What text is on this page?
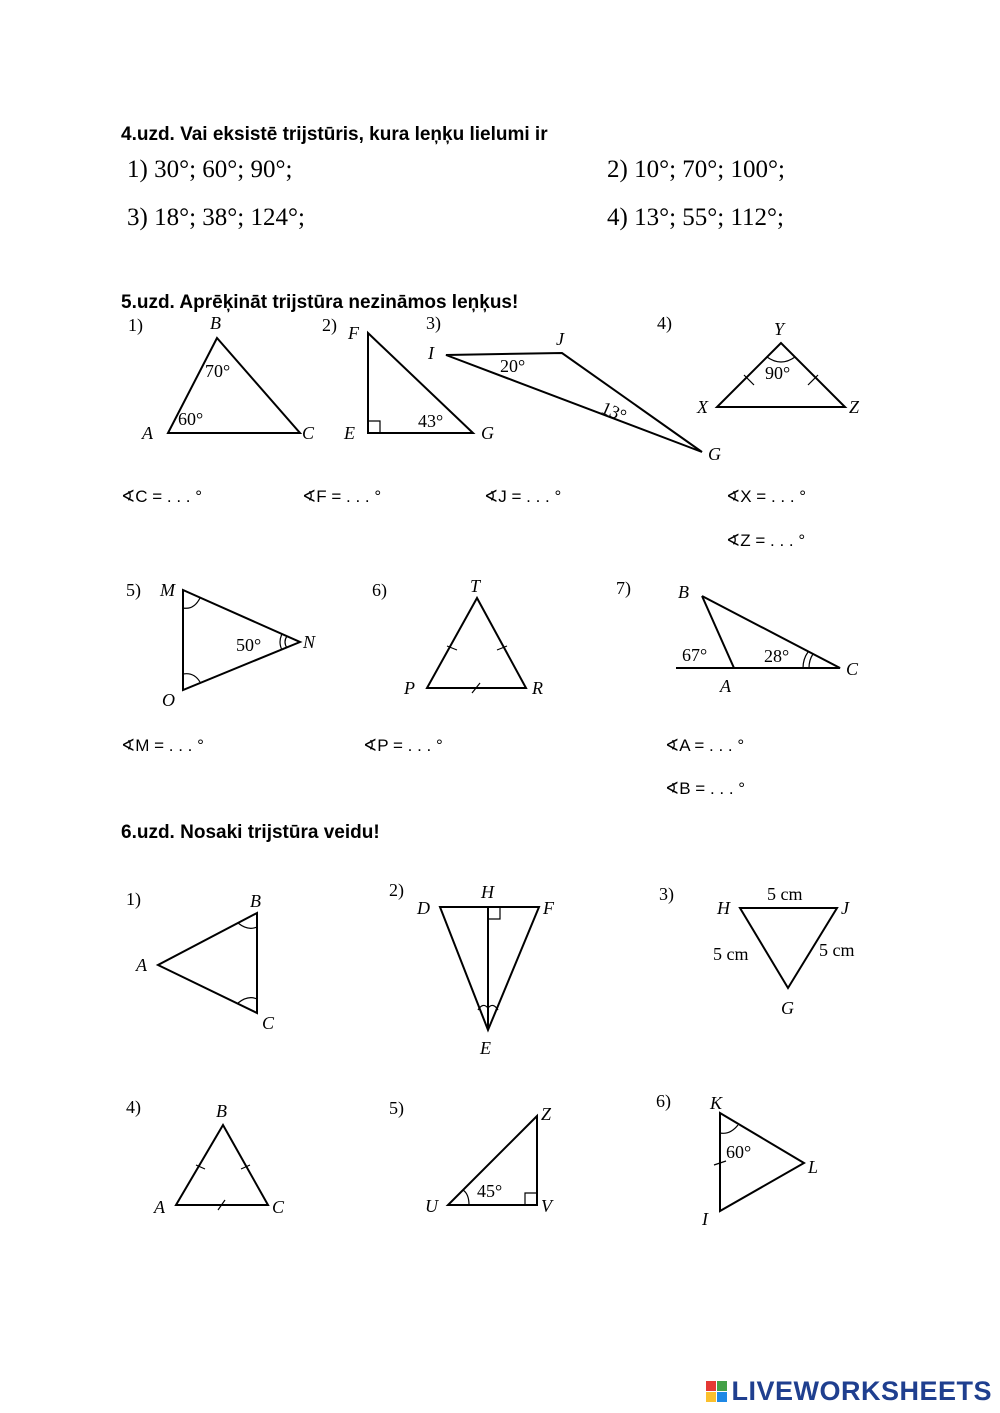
4.uzd. Vai eksistē trijstūris, kura leņķu lielumi ir
1) 30°; 60°; 90°;	2) 10°; 70°; 100°;
3) 18°; 38°; 124°;	4) 13°; 55°; 112°;
5.uzd. Aprēķināt trijstūra nezināmos leņķus!
1)	B
A	C
70°
60°
2) F
E	G
43°
3)
I
J
G
20°
13°
4)	Y
X	Z
90°
∢C = . . . °	∢F = . . . °	∢J = . . . °	∢X = . . . °
∢Z = . . . °
5) M
N
O
50°
6)	T
P	R
7)	B
A
C
67°	28°
∢M = . . . °	∢P = . . . °	∢A = . . . °
∢B = . . . °
6.uzd. Nosaki trijstūra veidu!
1)	B
A
C
2)
D
H
F
E
3)
H	J
G
5 cm
5 cm	5 cm
4)	B
A	C
5)	Z
U	V
45°
6) K
L
I
60°
LIVEWORKSHEETS
